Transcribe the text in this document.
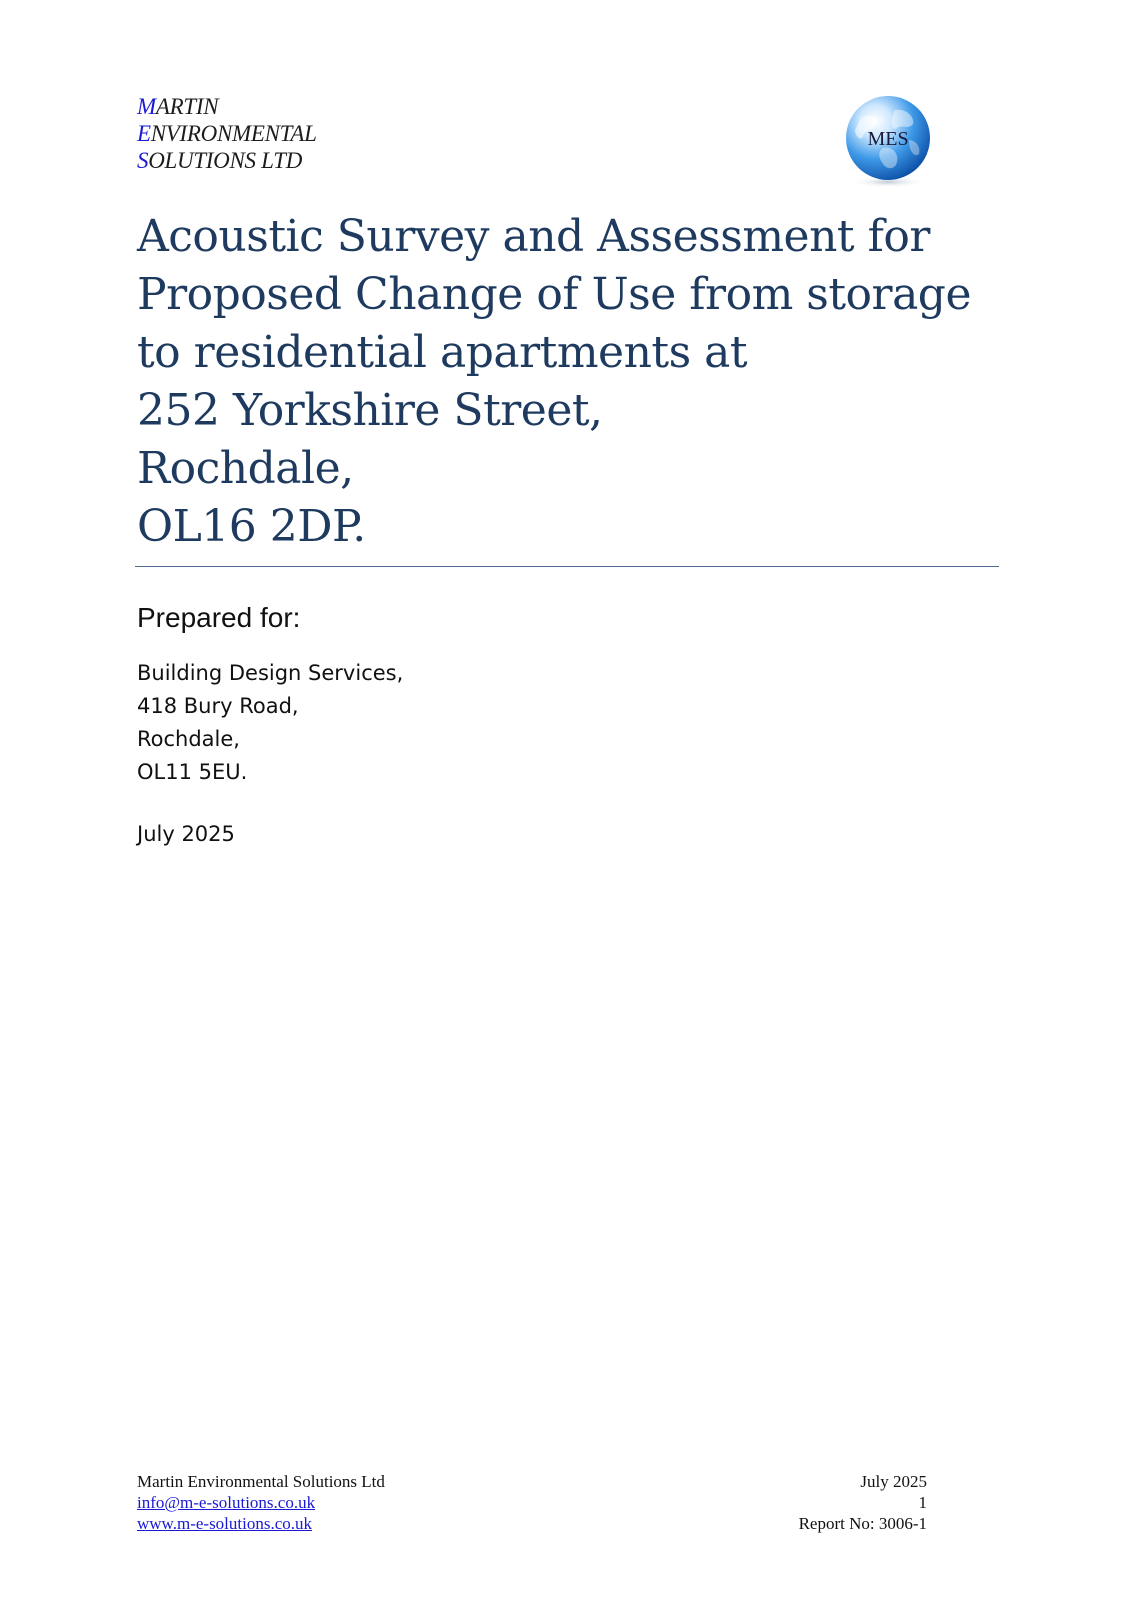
MARTIN
ENVIRONMENTAL
SOLUTIONS LTD
MES
Acoustic Survey and Assessment for
Proposed Change of Use from storage
to residential apartments at
252 Yorkshire Street,
Rochdale,
OL16 2DP.
Prepared for:
Building Design Services,
418 Bury Road,
Rochdale,
OL11 5EU.
July 2025
Martin Environmental Solutions Ltd
info@m-e-solutions.co.uk
www.m-e-solutions.co.uk
July 2025
1
Report No: 3006-1
